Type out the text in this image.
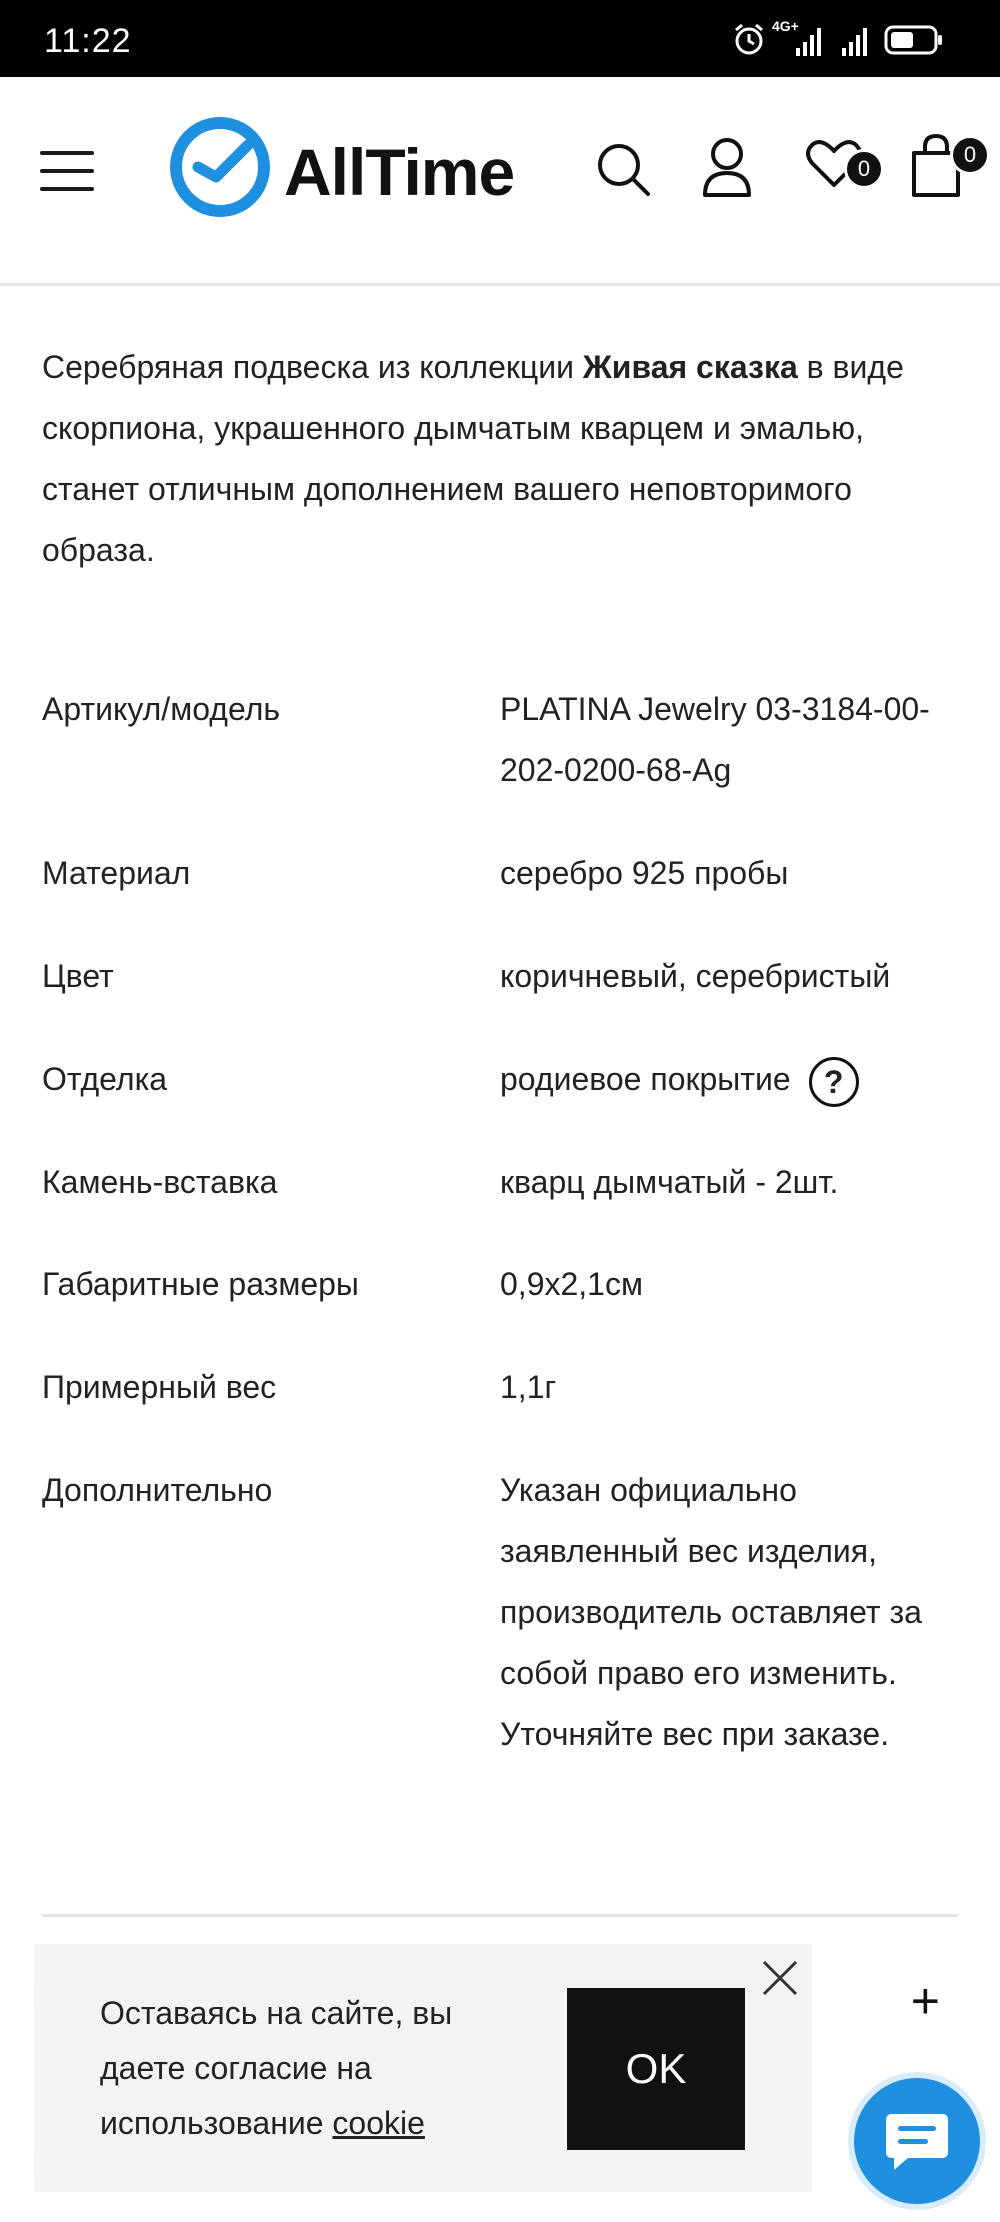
11:22	4G+
AllTime	0
0

Серебряная подвеска из коллекции Живая сказка в виде скорпиона, украшенного дымчатым кварцем и эмалью, станет отличным дополнением вашего неповторимого образа.

Артикул/модель	PLATINA Jewelry 03-3184-00-202-0200-68-Ag
Материал	серебро 925 пробы
Цвет	коричневый, серебристый
Отделка	родиевое покрытие ?
Камень-вставка	кварц дымчатый - 2шт.
Габаритные размеры	0,9x2,1см
Примерный вес	1,1г
Дополнительно	Указан официально заявленный вес изделия, производитель оставляет за собой право его изменить. Уточняйте вес при заказе.
+
Оставаясь на сайте, вы даете согласие на использование cookie
OK
